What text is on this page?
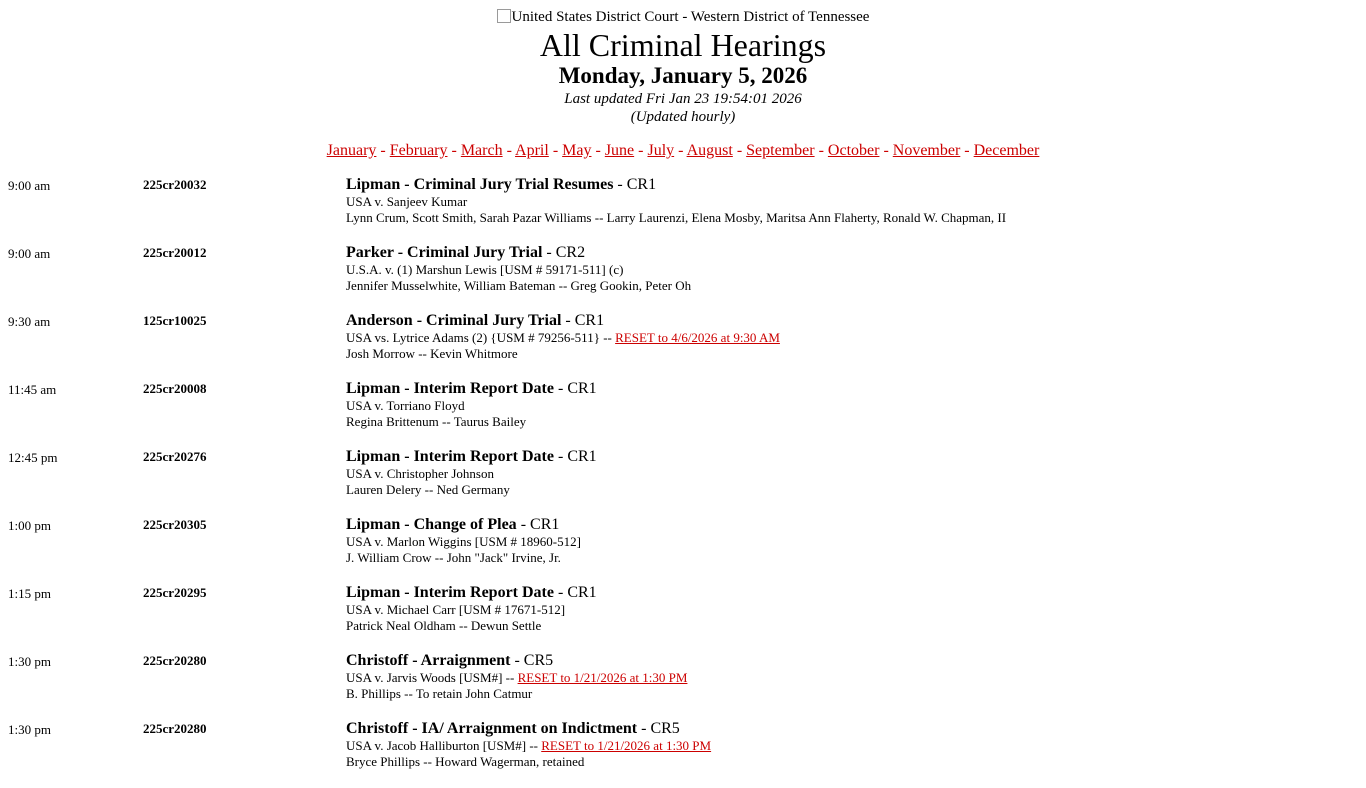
United States District Court - Western District of Tennessee
All Criminal Hearings
Monday, January 5, 2026
Last updated Fri Jan 23 19:54:01 2026
(Updated hourly)
January - February - March - April - May - June - July - August - September - October - November - December
9:00 am	225cr20032	Lipman - Criminal Jury Trial Resumes - CR1
USA v. Sanjeev Kumar
Lynn Crum, Scott Smith, Sarah Pazar Williams -- Larry Laurenzi, Elena Mosby, Maritsa Ann Flaherty, Ronald W. Chapman, II
9:00 am	225cr20012	Parker - Criminal Jury Trial - CR2
U.S.A. v. (1) Marshun Lewis [USM # 59171-511] (c)
Jennifer Musselwhite, William Bateman -- Greg Gookin, Peter Oh
9:30 am	125cr10025	Anderson - Criminal Jury Trial - CR1
USA vs. Lytrice Adams (2) {USM # 79256-511} -- RESET to 4/6/2026 at 9:30 AM
Josh Morrow -- Kevin Whitmore
11:45 am	225cr20008	Lipman - Interim Report Date - CR1
USA v. Torriano Floyd
Regina Brittenum -- Taurus Bailey
12:45 pm	225cr20276	Lipman - Interim Report Date - CR1
USA v. Christopher Johnson
Lauren Delery -- Ned Germany
1:00 pm	225cr20305	Lipman - Change of Plea - CR1
USA v. Marlon Wiggins [USM # 18960-512]
J. William Crow -- John "Jack" Irvine, Jr.
1:15 pm	225cr20295	Lipman - Interim Report Date - CR1
USA v. Michael Carr [USM # 17671-512]
Patrick Neal Oldham -- Dewun Settle
1:30 pm	225cr20280	Christoff - Arraignment - CR5
USA v. Jarvis Woods [USM#] -- RESET to 1/21/2026 at 1:30 PM
B. Phillips -- To retain John Catmur
1:30 pm	225cr20280	Christoff - IA/ Arraignment on Indictment - CR5
USA v. Jacob Halliburton [USM#] -- RESET to 1/21/2026 at 1:30 PM
Bryce Phillips -- Howard Wagerman, retained
